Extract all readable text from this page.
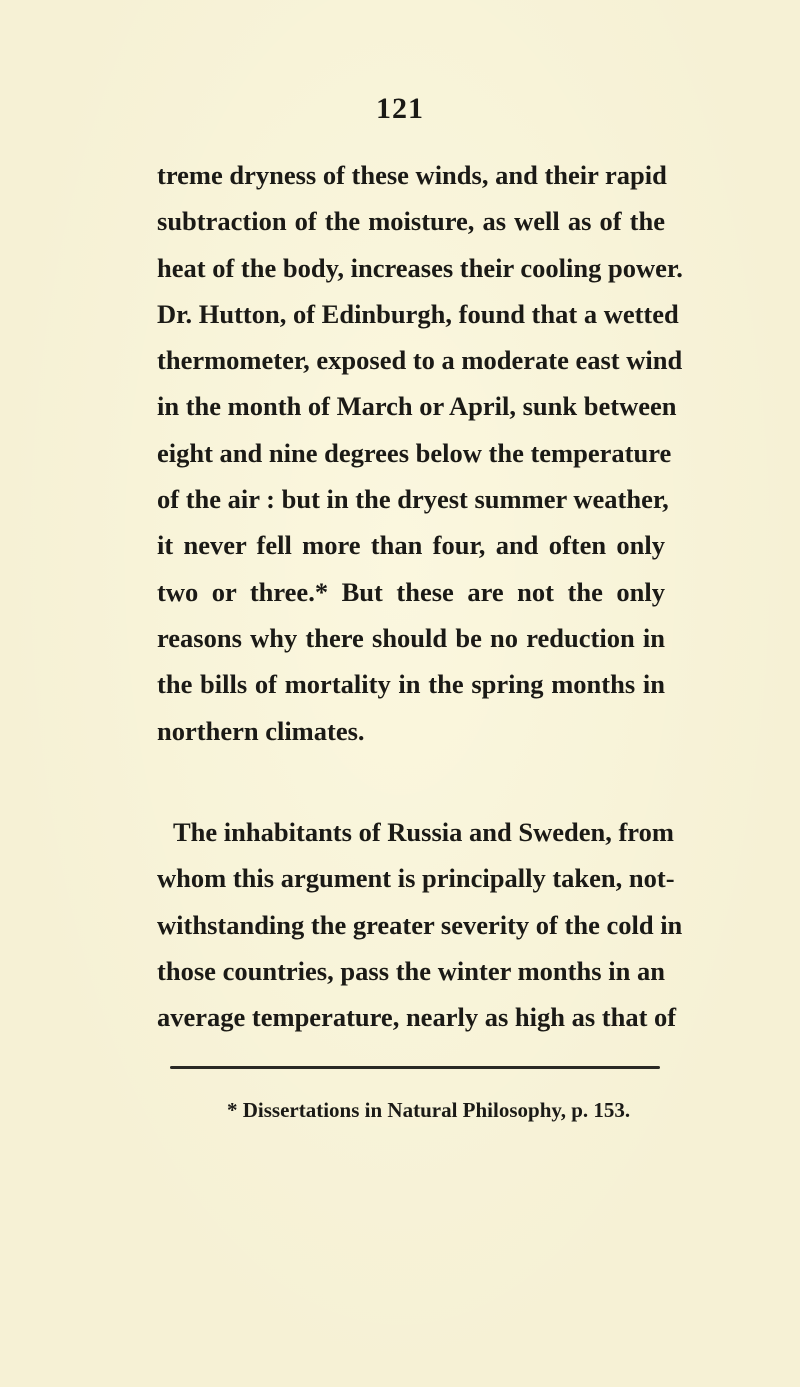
121
treme dryness of these winds, and their rapid
subtraction of the moisture, as well as of the
heat of the body, increases their cooling power.
Dr. Hutton, of Edinburgh, found that a wetted
thermometer, exposed to a moderate east wind
in the month of March or April, sunk between
eight and nine degrees below the temperature
of the air : but in the dryest summer weather,
it never fell more than four, and often only
two or three.* But these are not the only
reasons why there should be no reduction in
the bills of mortality in the spring months in
northern climates.
The inhabitants of Russia and Sweden, from
whom this argument is principally taken, not-
withstanding the greater severity of the cold in
those countries, pass the winter months in an
average temperature, nearly as high as that of
* Dissertations in Natural Philosophy, p. 153.
